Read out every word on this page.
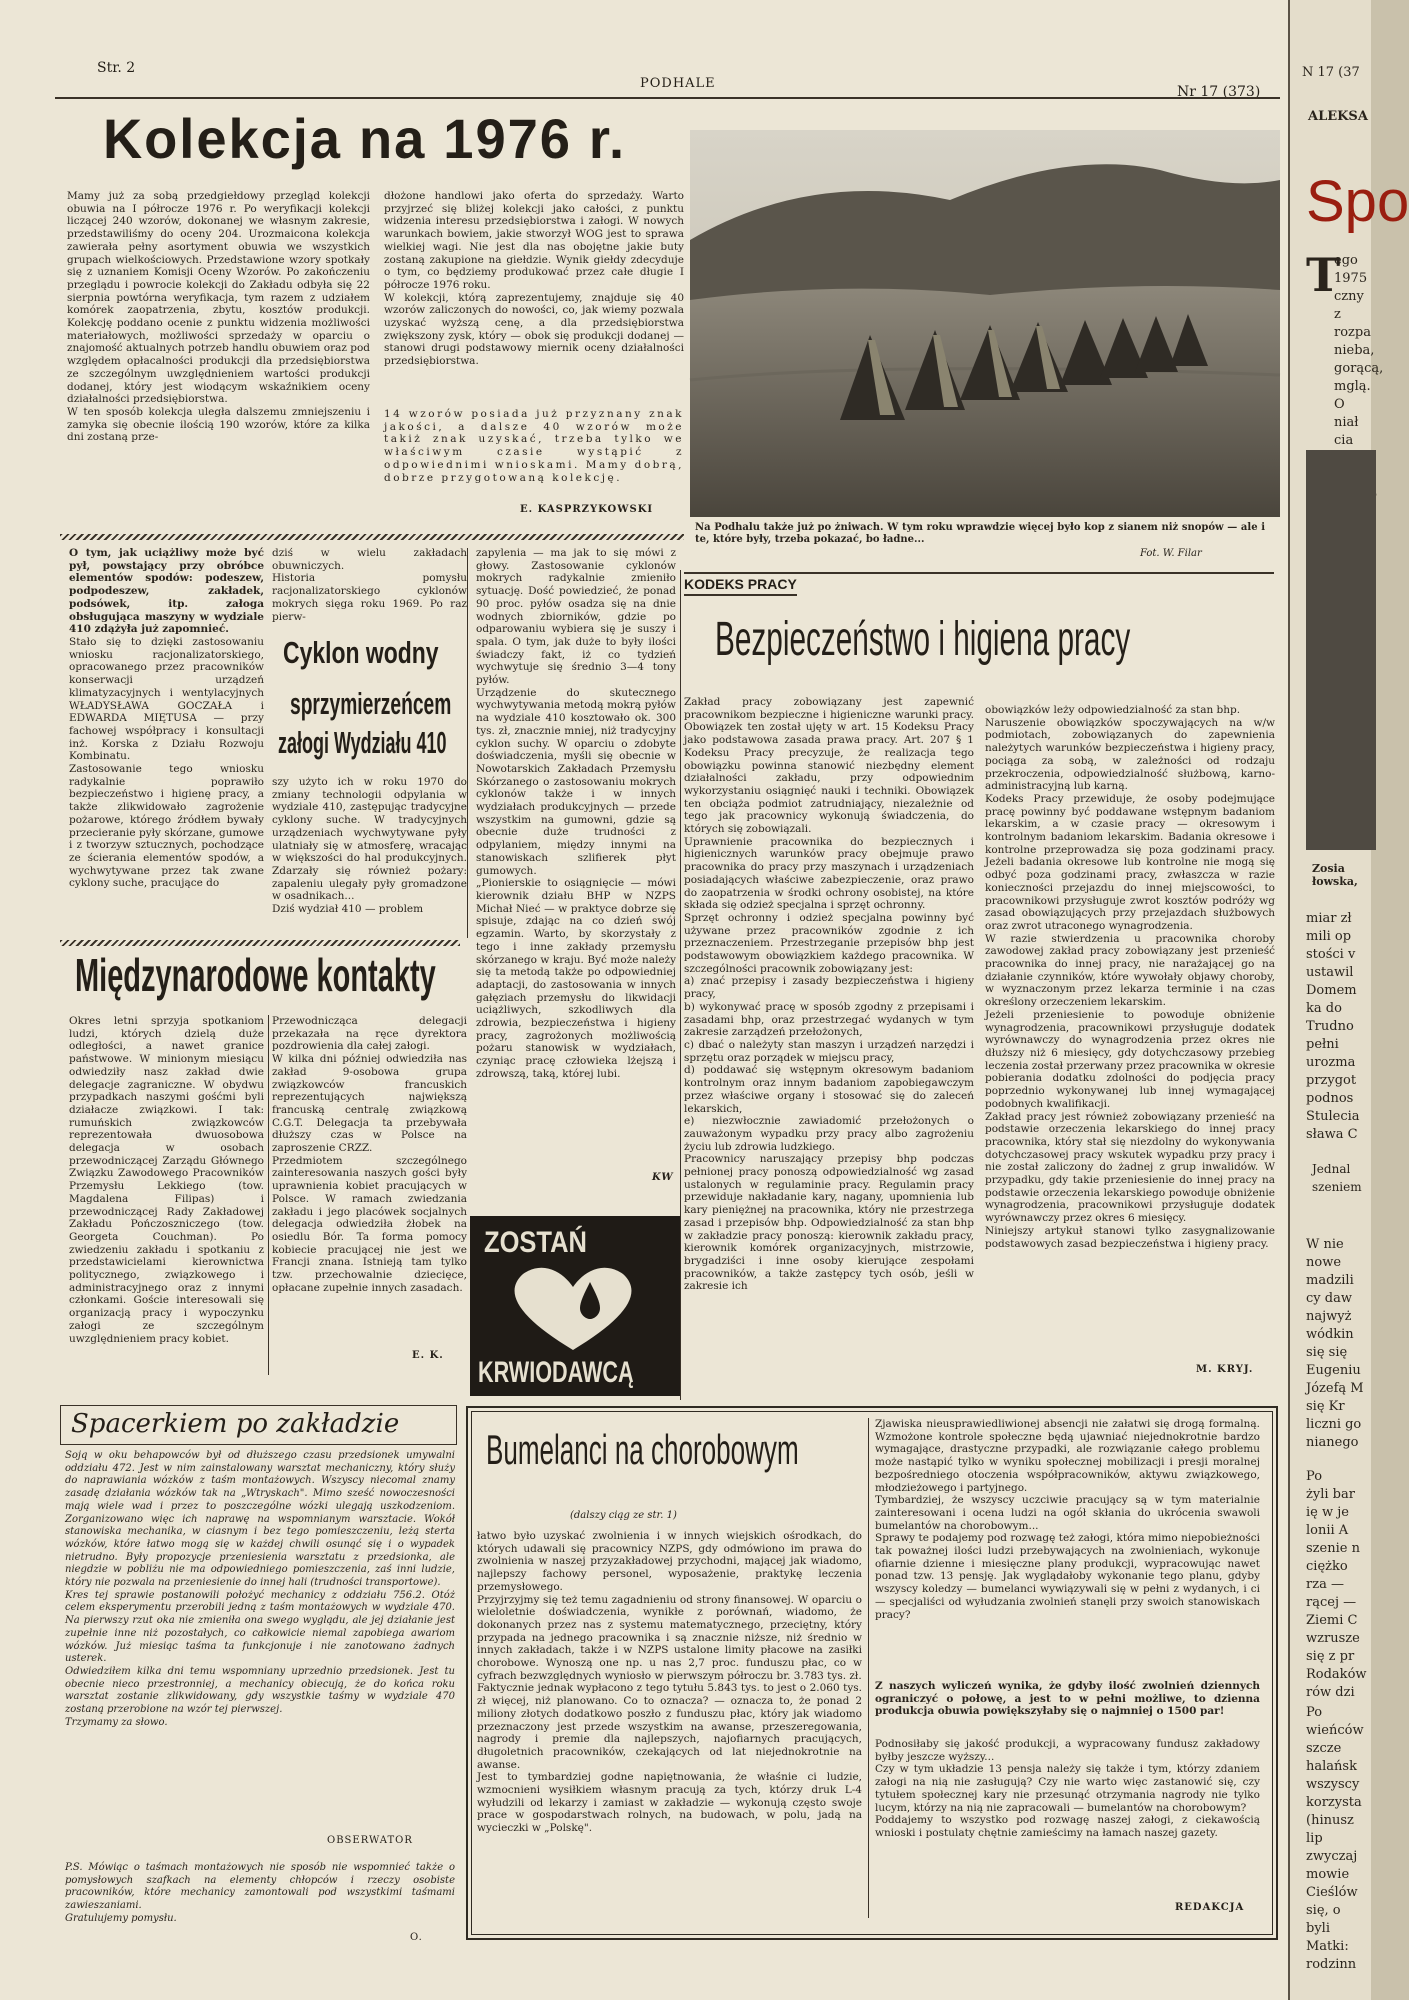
Str. 2
PODHALE
Nr 17 (373)
Kolekcja na 1976 r.
Mamy już za sobą przedgiełdowy przegląd kolekcji obuwia na I półrocze 1976 r. Po weryfikacji kolekcji liczącej 240 wzorów, dokonanej we własnym zakresie, przedstawiliśmy do oceny 204. Urozmaicona kolekcja zawierała pełny asortyment obuwia we wszystkich grupach wielkościowych. Przedstawione wzory spotkały się z uznaniem Komisji Oceny Wzorów. Po zakończeniu przeglądu i powrocie kolekcji do Zakładu odbyła się 22 sierpnia powtórna weryfikacja, tym razem z udziałem komórek zaopatrzenia, zbytu, kosztów produkcji. Kolekcję poddano ocenie z punktu widzenia możliwości materiałowych, możliwości sprzedaży w oparciu o znajomość aktualnych potrzeb handlu obuwiem oraz pod względem opłacalności produkcji dla przedsiębiorstwa ze szczególnym uwzględnieniem wartości produkcji dodanej, który jest wiodącym wskaźnikiem oceny działalności przedsiębiorstwa.
W ten sposób kolekcja uległa dalszemu zmniejszeniu i zamyka się obecnie ilością 190 wzorów, które za kilka dni zostaną prze-
dłożone handlowi jako oferta do sprzedaży. Warto przyjrzeć się bliżej kolekcji jako całości, z punktu widzenia interesu przedsiębiorstwa i załogi. W nowych warunkach bowiem, jakie stworzył WOG jest to sprawa wielkiej wagi. Nie jest dla nas obojętne jakie buty zostaną zakupione na giełdzie. Wynik giełdy zdecyduje o tym, co będziemy produkować przez całe długie I półrocze 1976 roku.
W kolekcji, którą zaprezentujemy, znajduje się 40 wzorów zaliczonych do nowości, co, jak wiemy pozwala uzyskać wyższą cenę, a dla przedsiębiorstwa zwiększony zysk, który — obok się produkcji dodanej — stanowi drugi podstawowy miernik oceny działalności przedsiębiorstwa.
14 wzorów posiada już przyznany znak jakości, a dalsze 40 wzorów może takiż znak uzyskać, trzeba tylko we właściwym czasie wystąpić z odpowiednimi wnioskami. Mamy dobrą, dobrze przygotowaną kolekcję.
E. KASPRZYKOWSKI
Na Podhalu także już po żniwach. W tym roku wprawdzie więcej było kop z sianem niż snopów — ale i te, które były, trzeba pokazać, bo ładne...
Fot. W. Filar
O tym, jak uciążliwy może być pył, powstający przy obróbce elementów spodów: podeszew, podpodeszew, zakładek, podsówek, itp. załoga obsługująca maszyny w wydziale 410 zdążyła już zapomnieć.
Stało się to dzięki zastosowaniu wniosku racjonalizatorskiego, opracowanego przez pracowników konserwacji urządzeń klimatyzacyjnych i wentylacyjnych WŁADYSŁAWA GOCZAŁA i EDWARDA MIĘTUSA — przy fachowej współpracy i konsultacji inż. Korska z Działu Rozwoju Kombinatu.
Zastosowanie tego wniosku radykalnie poprawiło bezpieczeństwo i higienę pracy, a także zlikwidowało zagrożenie pożarowe, którego źródłem bywały przecieranie pyły skórzane, gumowe i z tworzyw sztucznych, pochodzące ze ścierania elementów spodów, a wychwytywane przez tak zwane cyklony suche, pracujące do
dziś w wielu zakładach obuwniczych.
Historia pomysłu racjonalizatorskiego cyklonów mokrych sięga roku 1969. Po raz pierw-
Cyklon wodny
sprzymierzeńcem
załogi Wydziału 410
szy użyto ich w roku 1970 do zmiany technologii odpylania w wydziale 410, zastępując tradycyjne cyklony suche. W tradycyjnych urządzeniach wychwytywane pyły ulatniały się w atmosferę, wracając w większości do hal produkcyjnych. Zdarzały się również pożary: zapaleniu ulegały pyły gromadzone w osadnikach...
Dziś wydział 410 — problem
zapylenia — ma jak to się mówi z głowy. Zastosowanie cyklonów mokrych radykalnie zmieniło sytuację. Dość powiedzieć, że ponad 90 proc. pyłów osadza się na dnie wodnych zbiorników, gdzie po odparowaniu wybiera się je suszy i spala. O tym, jak duże to były ilości świadczy fakt, iż co tydzień wychwytuje się średnio 3—4 tony pyłów.
Urządzenie do skutecznego wychwytywania metodą mokrą pyłów na wydziale 410 kosztowało ok. 300 tys. zł, znacznie mniej, niż tradycyjny cyklon suchy. W oparciu o zdobyte doświadczenia, myśli się obecnie w Nowotarskich Zakładach Przemysłu Skórzanego o zastosowaniu mokrych cyklonów także i w innych wydziałach produkcyjnych — przede wszystkim na gumowni, gdzie są obecnie duże trudności z odpylaniem, między innymi na stanowiskach szlifierek płyt gumowych.
„Pionierskie to osiągnięcie — mówi kierownik działu BHP w NZPS Michał Nieć — w praktyce dobrze się spisuje, zdając na co dzień swój egzamin. Warto, by skorzystały z tego i inne zakłady przemysłu skórzanego w kraju. Być może należy się ta metodą także po odpowiedniej adaptacji, do zastosowania w innych gałęziach przemysłu do likwidacji uciążliwych, szkodliwych dla zdrowia, bezpieczeństwa i higieny pracy, zagrożonych możliwością pożaru stanowisk w wydziałach, czyniąc pracę człowieka lżejszą i zdrowszą, taką, której lubi.
KW
KODEKS PRACY
Bezpieczeństwo i higiena pracy
Zakład pracy zobowiązany jest zapewnić pracownikom bezpieczne i higieniczne warunki pracy. Obowiązek ten został ujęty w art. 15 Kodeksu Pracy jako podstawowa zasada prawa pracy. Art. 207 § 1 Kodeksu Pracy precyzuje, że realizacja tego obowiązku powinna stanowić niezbędny element działalności zakładu, przy odpowiednim wykorzystaniu osiągnięć nauki i techniki. Obowiązek ten obciąża podmiot zatrudniający, niezależnie od tego jak pracownicy wykonują świadczenia, do których się zobowiązali.
Uprawnienie pracownika do bezpiecznych i higienicznych warunków pracy obejmuje prawo pracownika do pracy przy maszynach i urządzeniach posiadających właściwe zabezpieczenie, oraz prawo do zaopatrzenia w środki ochrony osobistej, na które składa się odzież specjalna i sprzęt ochronny.
Sprzęt ochronny i odzież specjalna powinny być używane przez pracowników zgodnie z ich przeznaczeniem. Przestrzeganie przepisów bhp jest podstawowym obowiązkiem każdego pracownika. W szczególności pracownik zobowiązany jest:
a) znać przepisy i zasady bezpieczeństwa i higieny pracy,
b) wykonywać pracę w sposób zgodny z przepisami i zasadami bhp, oraz przestrzegać wydanych w tym zakresie zarządzeń przełożonych,
c) dbać o należyty stan maszyn i urządzeń narzędzi i sprzętu oraz porządek w miejscu pracy,
d) poddawać się wstępnym okresowym badaniom kontrolnym oraz innym badaniom zapobiegawczym przez właściwe organy i stosować się do zaleceń lekarskich,
e) niezwłocznie zawiadomić przełożonych o zauważonym wypadku przy pracy albo zagrożeniu życiu lub zdrowia ludzkiego.
Pracownicy naruszający przepisy bhp podczas pełnionej pracy ponoszą odpowiedzialność wg zasad ustalonych w regulaminie pracy. Regulamin pracy przewiduje nakładanie kary, nagany, upomnienia lub kary pieniężnej na pracownika, który nie przestrzega zasad i przepisów bhp. Odpowiedzialność za stan bhp w zakładzie pracy ponoszą: kierownik zakładu pracy, kierownik komórek organizacyjnych, mistrzowie, brygadziści i inne osoby kierujące zespołami pracowników, a także zastępcy tych osób, jeśli w zakresie ich
obowiązków leży odpowiedzialność za stan bhp.
Naruszenie obowiązków spoczywających na w/w podmiotach, zobowiązanych do zapewnienia należytych warunków bezpieczeństwa i higieny pracy, pociąga za sobą, w zależności od rodzaju przekroczenia, odpowiedzialność służbową, karno-administracyjną lub karną.
Kodeks Pracy przewiduje, że osoby podejmujące pracę powinny być poddawane wstępnym badaniom lekarskim, a w czasie pracy — okresowym i kontrolnym badaniom lekarskim. Badania okresowe i kontrolne przeprowadza się poza godzinami pracy. Jeżeli badania okresowe lub kontrolne nie mogą się odbyć poza godzinami pracy, zwłaszcza w razie konieczności przejazdu do innej miejscowości, to pracownikowi przysługuje zwrot kosztów podróży wg zasad obowiązujących przy przejazdach służbowych oraz zwrot utraconego wynagrodzenia.
W razie stwierdzenia u pracownika choroby zawodowej zakład pracy zobowiązany jest przenieść pracownika do innej pracy, nie narażającej go na działanie czynników, które wywołały objawy choroby, w wyznaczonym przez lekarza terminie i na czas określony orzeczeniem lekarskim.
Jeżeli przeniesienie to powoduje obniżenie wynagrodzenia, pracownikowi przysługuje dodatek wyrównawczy do wynagrodzenia przez okres nie dłuższy niż 6 miesięcy, gdy dotychczasowy przebieg leczenia został przerwany przez pracownika w okresie pobierania dodatku zdolności do podjęcia pracy poprzednio wykonywanej lub innej wymagającej podobnych kwalifikacji.
Zakład pracy jest również zobowiązany przenieść na podstawie orzeczenia lekarskiego do innej pracy pracownika, który stał się niezdolny do wykonywania dotychczasowej pracy wskutek wypadku przy pracy i nie został zaliczony do żadnej z grup inwalidów. W przypadku, gdy takie przeniesienie do innej pracy na podstawie orzeczenia lekarskiego powoduje obniżenie wynagrodzenia, pracownikowi przysługuje dodatek wyrównawczy przez okres 6 miesięcy.
Niniejszy artykuł stanowi tylko zasygnalizowanie podstawowych zasad bezpieczeństwa i higieny pracy.
M. KRYJ.
Międzynarodowe kontakty
Okres letni sprzyja spotkaniom ludzi, których dzielą duże odległości, a nawet granice państwowe. W minionym miesiącu odwiedziły nasz zakład dwie delegacje zagraniczne. W obydwu przypadkach naszymi gośćmi byli działacze związkowi. I tak: rumuńskich związkowców reprezentowała dwuosobowa delegacja w osobach przewodniczącej Zarządu Głównego Związku Zawodowego Pracowników Przemysłu Lekkiego (tow. Magdalena Filipas) i przewodniczącej Rady Zakładowej Zakładu Pończoszniczego (tow. Georgeta Couchman). Po zwiedzeniu zakładu i spotkaniu z przedstawicielami kierownictwa politycznego, związkowego i administracyjnego oraz z innymi członkami. Goście interesowali się organizacją pracy i wypoczynku załogi ze szczególnym uwzględnieniem pracy kobiet.
Przewodnicząca delegacji przekazała na ręce dyrektora pozdrowienia dla całej załogi.
W kilka dni później odwiedziła nas zakład 9-osobowa grupa związkowców francuskich reprezentujących największą francuską centralę związkową C.G.T. Delegacja ta przebywała dłuższy czas w Polsce na zaproszenie CRZZ.
Przedmiotem szczególnego zainteresowania naszych gości były uprawnienia kobiet pracujących w Polsce. W ramach zwiedzania zakładu i jego placówek socjalnych delegacja odwiedziła żłobek na osiedlu Bór. Ta forma pomocy kobiecie pracującej nie jest we Francji znana. Istnieją tam tylko tzw. przechowalnie dziecięce, opłacane zupełnie innych zasadach.
E. K.
ZOSTAŃ
KRWIODAWCĄ
Spacerkiem po zakładzie
Sojq w oku behapowców był od dłuższego czasu przedsionek umywalni oddziału 472. Jest w nim zainstalowany warsztat mechaniczny, który służy do naprawiania wózków z taśm montażowych. Wszyscy niecomal znamy zasadę działania wózków tak na „Wtryskach". Mimo sześć nowoczesności mają wiele wad i przez to poszczególne wózki ulegają uszkodzeniom. Zorganizowano więc ich naprawę na wspomnianym warsztacie. Wokół stanowiska mechanika, w ciasnym i bez tego pomieszczeniu, leżą sterta wózków, które łatwo mogą się w każdej chwili osunąć się i o wypadek nietrudno. Były propozycje przeniesienia warsztatu z przedsionka, ale niegdzie w pobliżu nie ma odpowiedniego pomieszczenia, zaś inni ludzie, który nie pozwala na przeniesienie do innej hali (trudności transportowe).
Kres tej sprawie postanowili położyć mechanicy z oddziału 756.2. Otóż celem eksperymentu przerobili jedną z taśm montażowych w wydziale 470. Na pierwszy rzut oka nie zmieniła ona swego wyglądu, ale jej działanie jest zupełnie inne niż pozostałych, co całkowicie niemal zapobiega awariom wózków. Już miesiąc taśma ta funkcjonuje i nie zanotowano żadnych usterek.
Odwiedziłem kilka dni temu wspomniany uprzednio przedsionek. Jest tu obecnie nieco przestronniej, a mechanicy obiecują, że do końca roku warsztat zostanie zlikwidowany, gdy wszystkie taśmy w wydziale 470 zostaną przerobione na wzór tej pierwszej.
Trzymamy za słowo.
OBSERWATOR
P.S. Mówiąc o taśmach montażowych nie sposób nie wspomnieć także o pomysłowych szafkach na elementy chłopców i rzeczy osobiste pracowników, które mechanicy zamontowali pod wszystkimi taśmami zawieszaniami.
Gratulujemy pomysłu.
O.
Bumelanci na chorobowym
(dalszy ciąg ze str. 1)
łatwo było uzyskać zwolnienia i w innych wiejskich ośrodkach, do których udawali się pracownicy NZPS, gdy odmówiono im prawa do zwolnienia w naszej przyzakładowej przychodni, mającej jak wiadomo, najlepszy fachowy personel, wyposażenie, praktykę leczenia przemysłowego.
Przyjrzyjmy się też temu zagadnieniu od strony finansowej. W oparciu o wieloletnie doświadczenia, wynikłe z porównań, wiadomo, że dokonanych przez nas z systemu matematycznego, przeciętny, który przypada na jednego pracownika i są znacznie niższe, niż średnio w innych zakładach, także i w NZPS ustalone limity płacowe na zasiłki chorobowe. Wynoszą one np. u nas 2,7 proc. funduszu płac, co w cyfrach bezwzględnych wyniosło w pierwszym półroczu br. 3.783 tys. zł.
Faktycznie jednak wypłacono z tego tytułu 5.843 tys. to jest o 2.060 tys. zł więcej, niż planowano. Co to oznacza? — oznacza to, że ponad 2 miliony złotych dodatkowo poszło z funduszu płac, który jak wiadomo przeznaczony jest przede wszystkim na awanse, przeszeregowania, nagrody i premie dla najlepszych, najofiarnych pracujących, długoletnich pracowników, czekających od lat niejednokrotnie na awanse.
Jest to tymbardziej godne napiętnowania, że właśnie ci ludzie, wzmocnieni wysiłkiem własnym pracują za tych, którzy druk L-4 wyłudzili od lekarzy i zamiast w zakładzie — wykonują często swoje prace w gospodarstwach rolnych, na budowach, w polu, jadą na wycieczki w „Polskę".
Zjawiska nieusprawiedliwionej absencji nie załatwi się drogą formalną. Wzmożone kontrole społeczne będą ujawniać niejednokrotnie bardzo wymagające, drastyczne przypadki, ale rozwiązanie całego problemu może nastąpić tylko w wyniku społecznej mobilizacji i presji moralnej bezpośredniego otoczenia współpracowników, aktywu związkowego, młodzieżowego i partyjnego.
Tymbardziej, że wszyscy uczciwie pracujący są w tym materialnie zainteresowani i ocena ludzi na ogół skłania do ukrócenia swawoli bumelantów na chorobowym...
Sprawy te podajemy pod rozwagę też załogi, która mimo niepobieżności tak poważnej ilości ludzi przebywających na zwolnieniach, wykonuje ofiarnie dzienne i miesięczne plany produkcji, wypracowując nawet ponad tzw. 13 pensję. Jak wyglądałoby wykonanie tego planu, gdyby wszyscy koledzy — bumelanci wywiązywali się w pełni z wydanych, i ci — specjaliści od wyłudzania zwolnień stanęli przy swoich stanowiskach pracy?
Z naszych wyliczeń wynika, że gdyby ilość zwolnień dziennych ograniczyć o połowę, a jest to w pełni możliwe, to dzienna produkcja obuwia powiększyłaby się o najmniej o 1500 par!
Podnosiłaby się jakość produkcji, a wypracowany fundusz zakładowy byłby jeszcze wyższy...
Czy w tym układzie 13 pensja należy się także i tym, którzy zdaniem załogi na nią nie zasługują? Czy nie warto więc zastanowić się, czy tytułem społecznej kary nie przesunąć otrzymania nagrody nie tylko lucym, którzy na nią nie zapracowali — bumelantów na chorobowym?
Poddajemy to wszystko pod rozwagę naszej załogi, z ciekawością wnioski i postulaty chętnie zamieścimy na łamach naszej gazety.
REDAKCJA
N 17 (37
ALEKSA
Spo
T
ego
1975
czny
z rozpa
nieba,
gorącą,
mglą. O
niał cia

Zosia
łowska,
miar zł
mili op
stości v
ustawil
Domem
ka do
Trudno
pełni
urozma
przygot
podnos
Stulecia
sława C
Jednal
szeniem
W nie
nowe
madzili
cy daw
najwyż
wódkin
się się
Eugeniu
Józefą M
się Kr
liczni go
nianego
Po
żyli bar
ię w je
lonii A
szenie n
ciężko
rza —
rącej —
Ziemi C
wzrusze
się z pr
Rodaków
rów dzi
Po
wieńców
szcze
halańsk
wszyscy
korzysta
(hinusz
lip
zwyczaj
mowie
Cieślów
się, o
byli
Matki:
rodzinn
